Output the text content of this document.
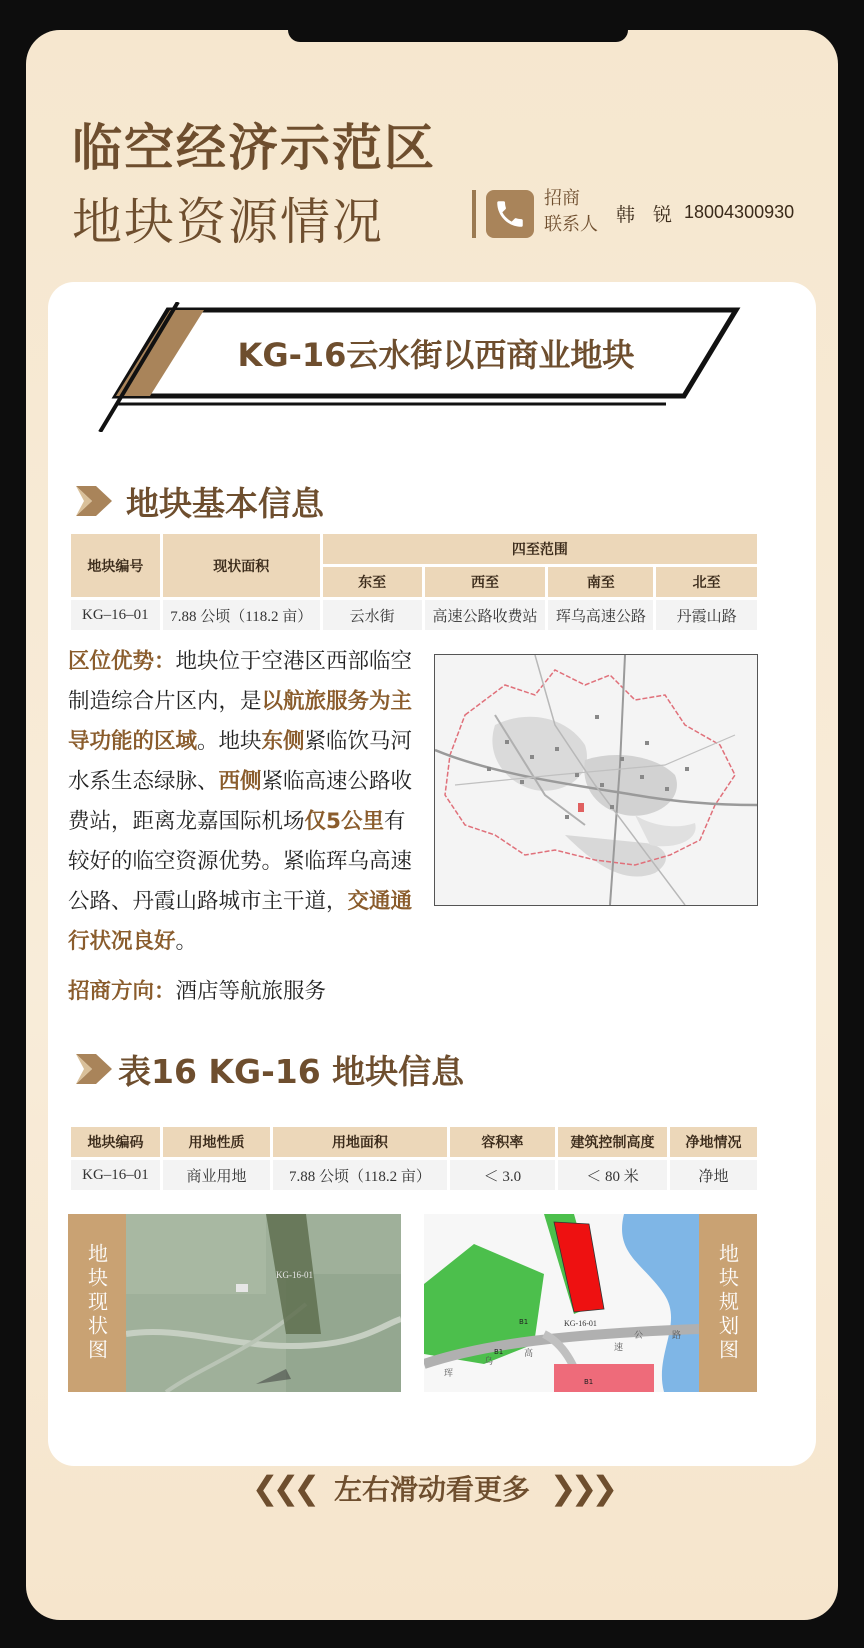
临空经济示范区
地块资源情况	招商
联系人 韩 锐 18004300930
KG-16云水街以西商业地块
地块基本信息
地块编号	现状面积	四至范围			
		东至	西至	南至	北至
KG–16–01	7.88 公顷（118.2 亩）	云水街	高速公路收费站	珲乌高速公路	丹霞山路
区位优势：地块位于空港区西部临空制造综合片区内，是以航旅服务为主导功能的区域。地块东侧紧临饮马河水系生态绿脉、西侧紧临高速公路收费站，距离龙嘉国际机场仅5公里有较好的临空资源优势。紧临珲乌高速公路、丹霞山路城市主干道，交通通行状况良好。
招商方向：酒店等航旅服务
表16 KG-16 地块信息
地块编码	用地性质	用地面积	容积率	建筑控制高度	净地情况
KG–16–01	商业用地	7.88 公顷（118.2 亩）	＜ 3.0	＜ 80 米	净地
地块现状图	KG-16-01
KG-16-01
B1
B1
B1
公	路
珲
乌
高
速	地块规划图
❮❮❮ 左右滑动看更多 ❯❯❯
